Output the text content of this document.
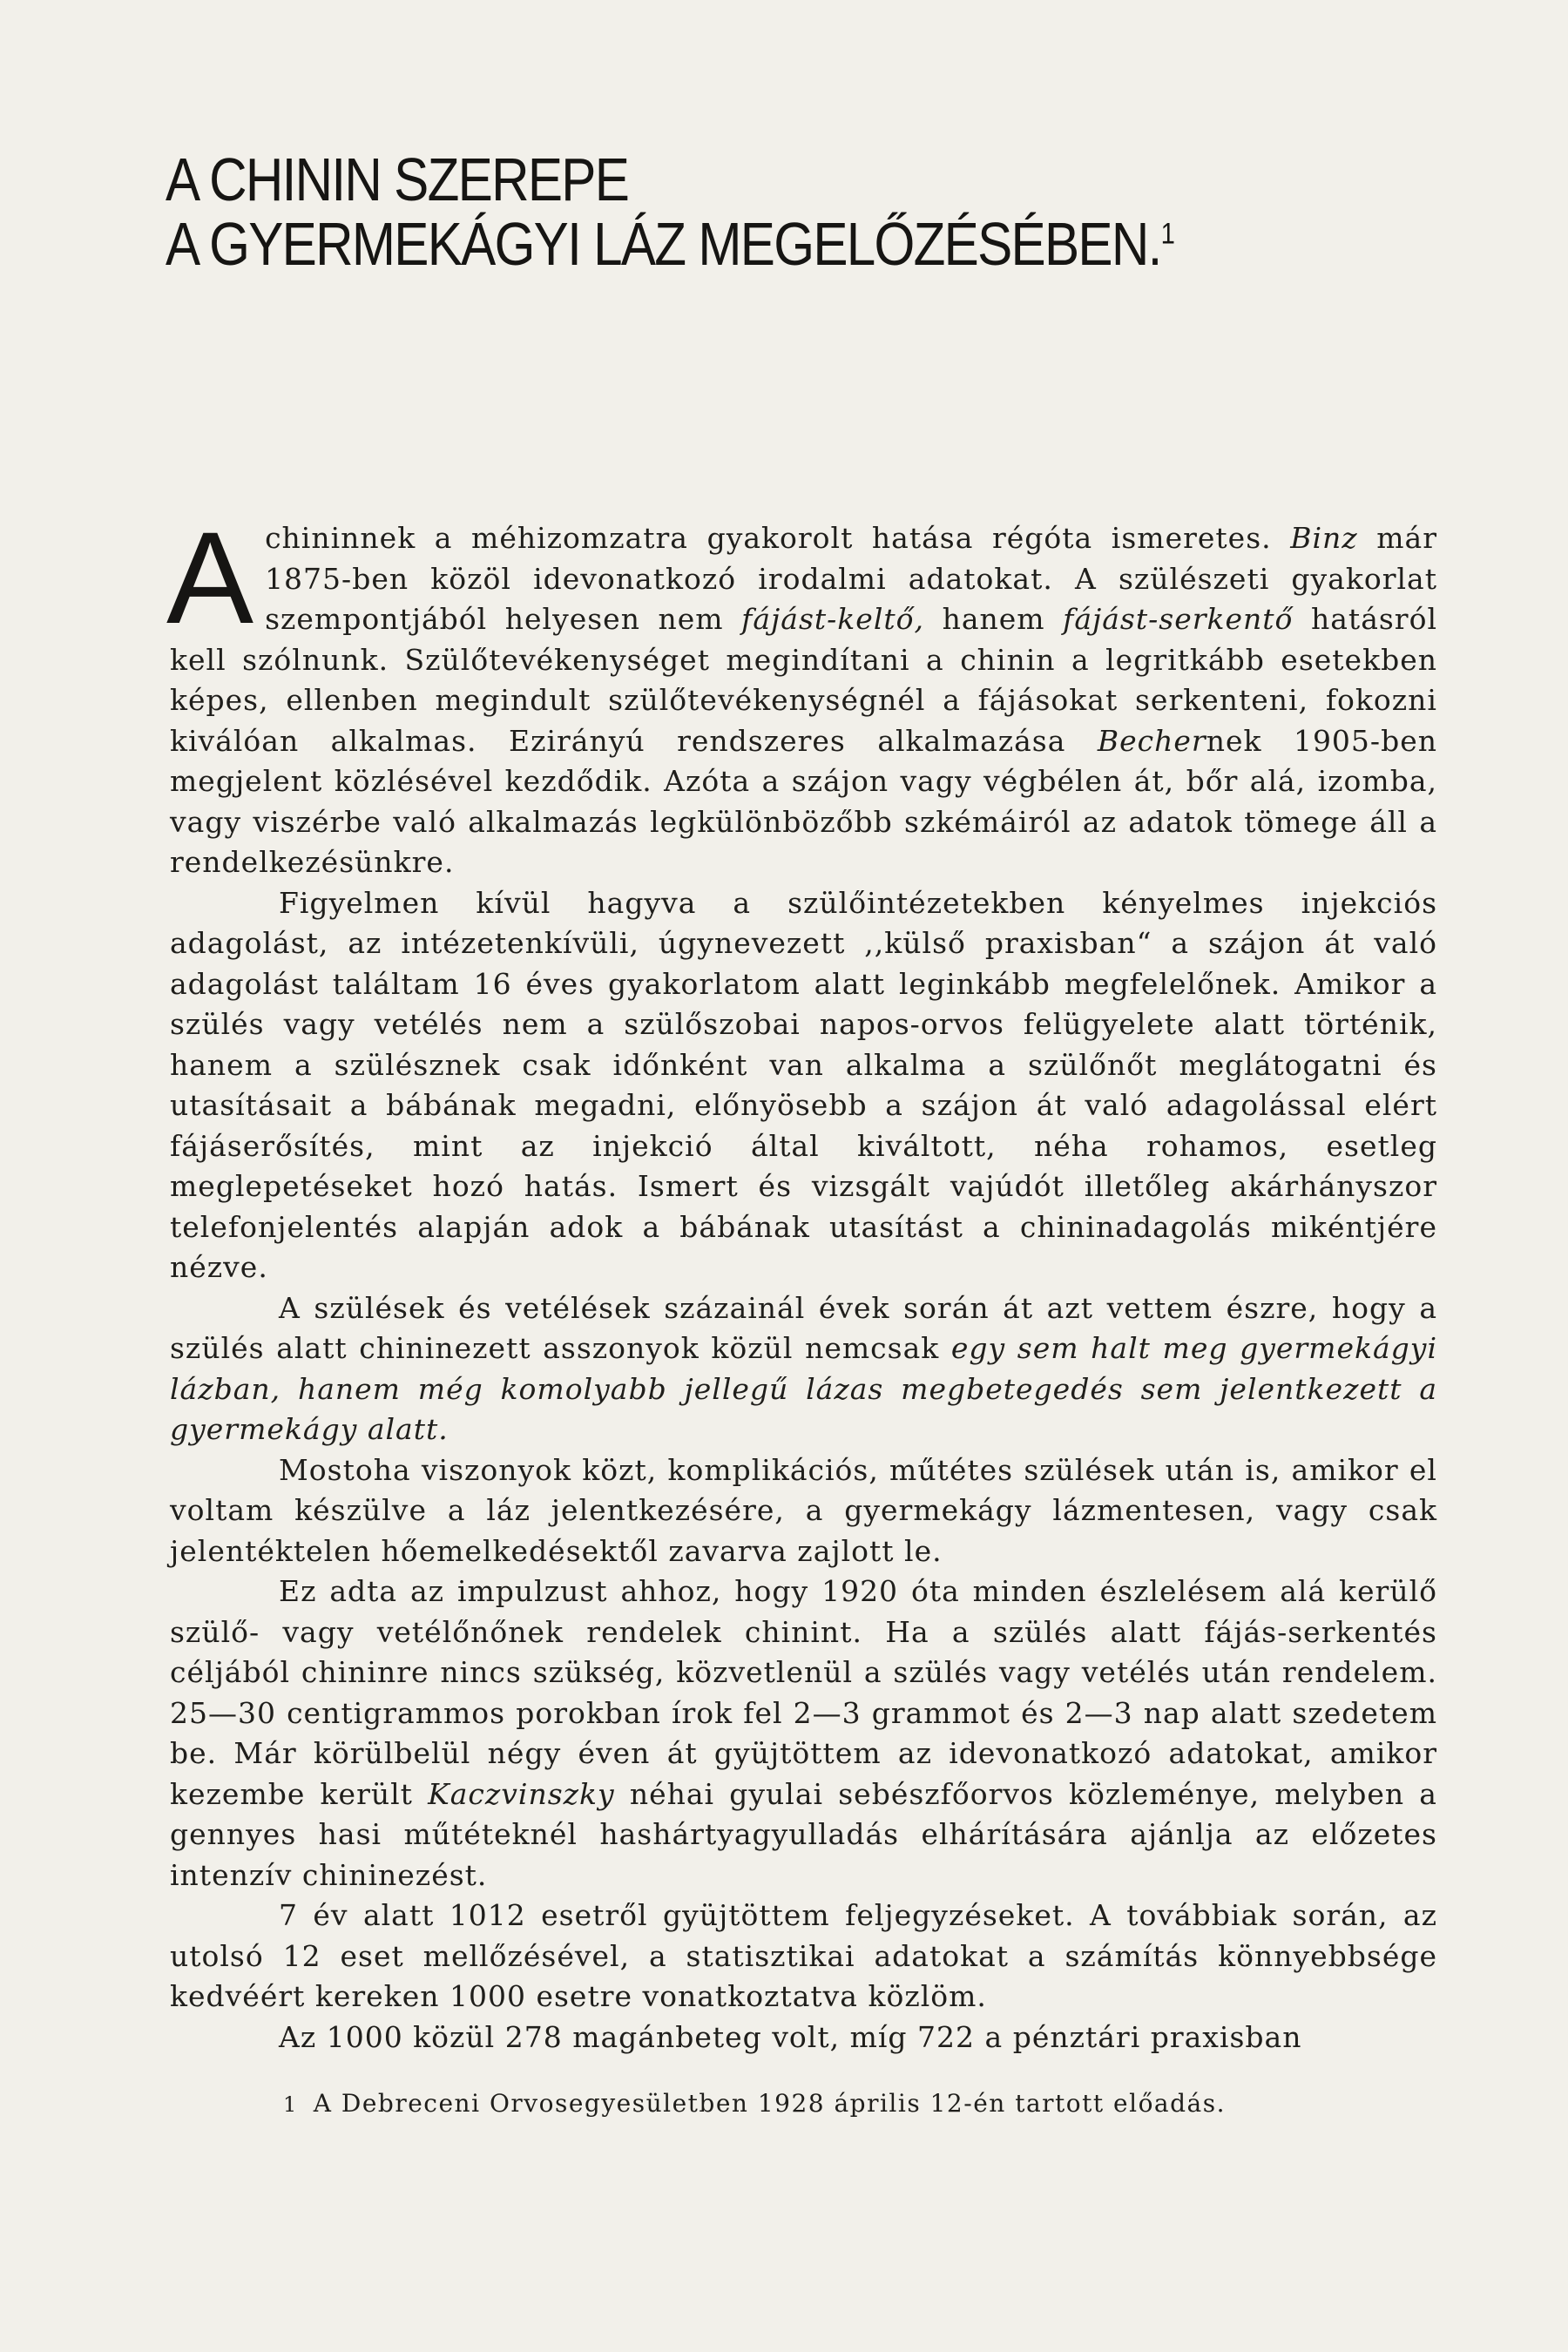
A CHININ SZEREPE
A GYERMEKÁGYI LÁZ MEGELŐZÉSÉBEN.$^1$

Achininnek a méhizomzatra gyakorolt hatása régóta ismeretes. Binz már 1875-ben közöl idevonatkozó irodalmi adatokat. A szülészeti gyakorlat szempontjából helyesen nem fájást-keltő, hanem fájást-serkentő hatásról kell szólnunk. Szülőtevékenységet megindítani a chinin a legritkább esetekben képes, ellenben megindult szülőtevékenységnél a fájásokat serkenteni, fokozni kiválóan alkalmas. Ezirányú rendszeres alkalmazása Bechernek 1905-ben megjelent közlésével kezdődik. Azóta a szájon vagy végbélen át, bőr alá, izomba, vagy viszérbe való alkalmazás legkülönbözőbb szkémáiról az adatok tömege áll a rendelkezésünkre.

Figyelmen kívül hagyva a szülőintézetekben kényelmes injekciós adagolást, az intézetenkívüli, úgynevezett ,,külső praxisban“ a szájon át való adagolást találtam 16 éves gyakorlatom alatt leginkább megfelelőnek. Amikor a szülés vagy vetélés nem a szülőszobai napos-orvos felügyelete alatt történik, hanem a szülésznek csak időnként van alkalma a szülőnőt meglátogatni és utasításait a bábának megadni, előnyösebb a szájon át való adagolással elért fájáserősítés, mint az injekció által kiváltott, néha rohamos, esetleg meglepetéseket hozó hatás. Ismert és vizsgált vajúdót illetőleg akárhányszor telefonjelentés alapján adok a bábának utasítást a chininadagolás mikéntjére nézve.

A szülések és vetélések százainál évek során át azt vettem észre, hogy a szülés alatt chininezett asszonyok közül nemcsak egy sem halt meg gyermekágyi lázban, hanem még komolyabb jellegű lázas megbetegedés sem jelentkezett a gyermekágy alatt.

Mostoha viszonyok közt, komplikációs, műtétes szülések után is, amikor el voltam készülve a láz jelentkezésére, a gyermekágy lázmentesen, vagy csak jelentéktelen hőemelkedésektől zavarva zajlott le.

Ez adta az impulzust ahhoz, hogy 1920 óta minden észlelésem alá kerülő szülő- vagy vetélőnőnek rendelek chinint. Ha a szülés alatt fájás-serkentés céljából chininre nincs szükség, közvetlenül a szülés vagy vetélés után rendelem. 25—30 centigrammos porokban írok fel 2—3 grammot és 2—3 nap alatt szedetem be. Már körülbelül négy éven át gyüjtöttem az idevonatkozó adatokat, amikor kezembe került Kaczvinszky néhai gyulai sebészfőorvos közleménye, melyben a gennyes hasi műtéteknél hashártyagyulladás elhárítására ajánlja az előzetes intenzív chininezést.

7 év alatt 1012 esetről gyüjtöttem feljegyzéseket. A továbbiak során, az utolsó 12 eset mellőzésével, a statisztikai adatokat a számítás könnyebbsége kedvéért kereken 1000 esetre vonatkoztatva közlöm.

Az 1000 közül 278 magánbeteg volt, míg 722 a pénztári praxisban

1 A Debreceni Orvosegyesületben 1928 április 12-én tartott előadás.
